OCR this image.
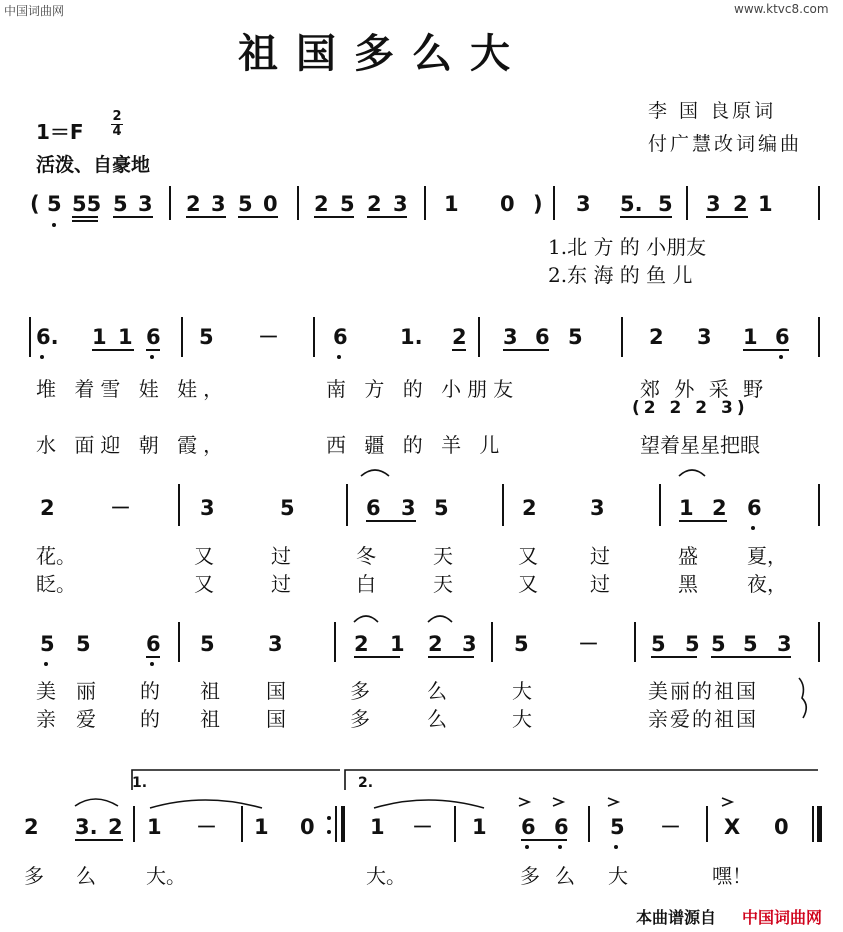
中国词曲网	www.ktvc8.com
祖国多么大
李 国 良原词
付广慧改词编曲
1＝F
2
4
活泼、自豪地
( 5 55 5 3 2 3 5 0 2 5 2 3 1 0 ) 3 5. 5 3 2 1
1.北 方 的 小朋友
2.东 海 的 鱼 儿
6. 1 1 6 5 －	6 1. 2 3 6 5	2 3 1 6
堆 着雪 娃 娃，	南 方 的 小朋友	郊 外 采 野
(2 2 2 3)
水 面迎 朝 霞，	西 疆 的 羊 儿	望着星星把眼
2	－	3	5	6 3 5	2	3	1 2 6
花。	又	过	冬	天	又	过	盛 夏，
眨。	又	过	白	天	又	过	黑 夜，
5 5	6 5	3	2 1 2 3 5 － 5 5 5 5 3
美 丽 的 祖 国	多	么	大	美丽的祖国
亲 爱 的 祖 国	多	么	大	亲爱的祖国
1.	2.
2 3. 2 1 － 1 0	1 － 1 6 6 5 － X 0
多 么	大。	大。	多 么 大	嘿！
本曲谱源自 中国词曲网
